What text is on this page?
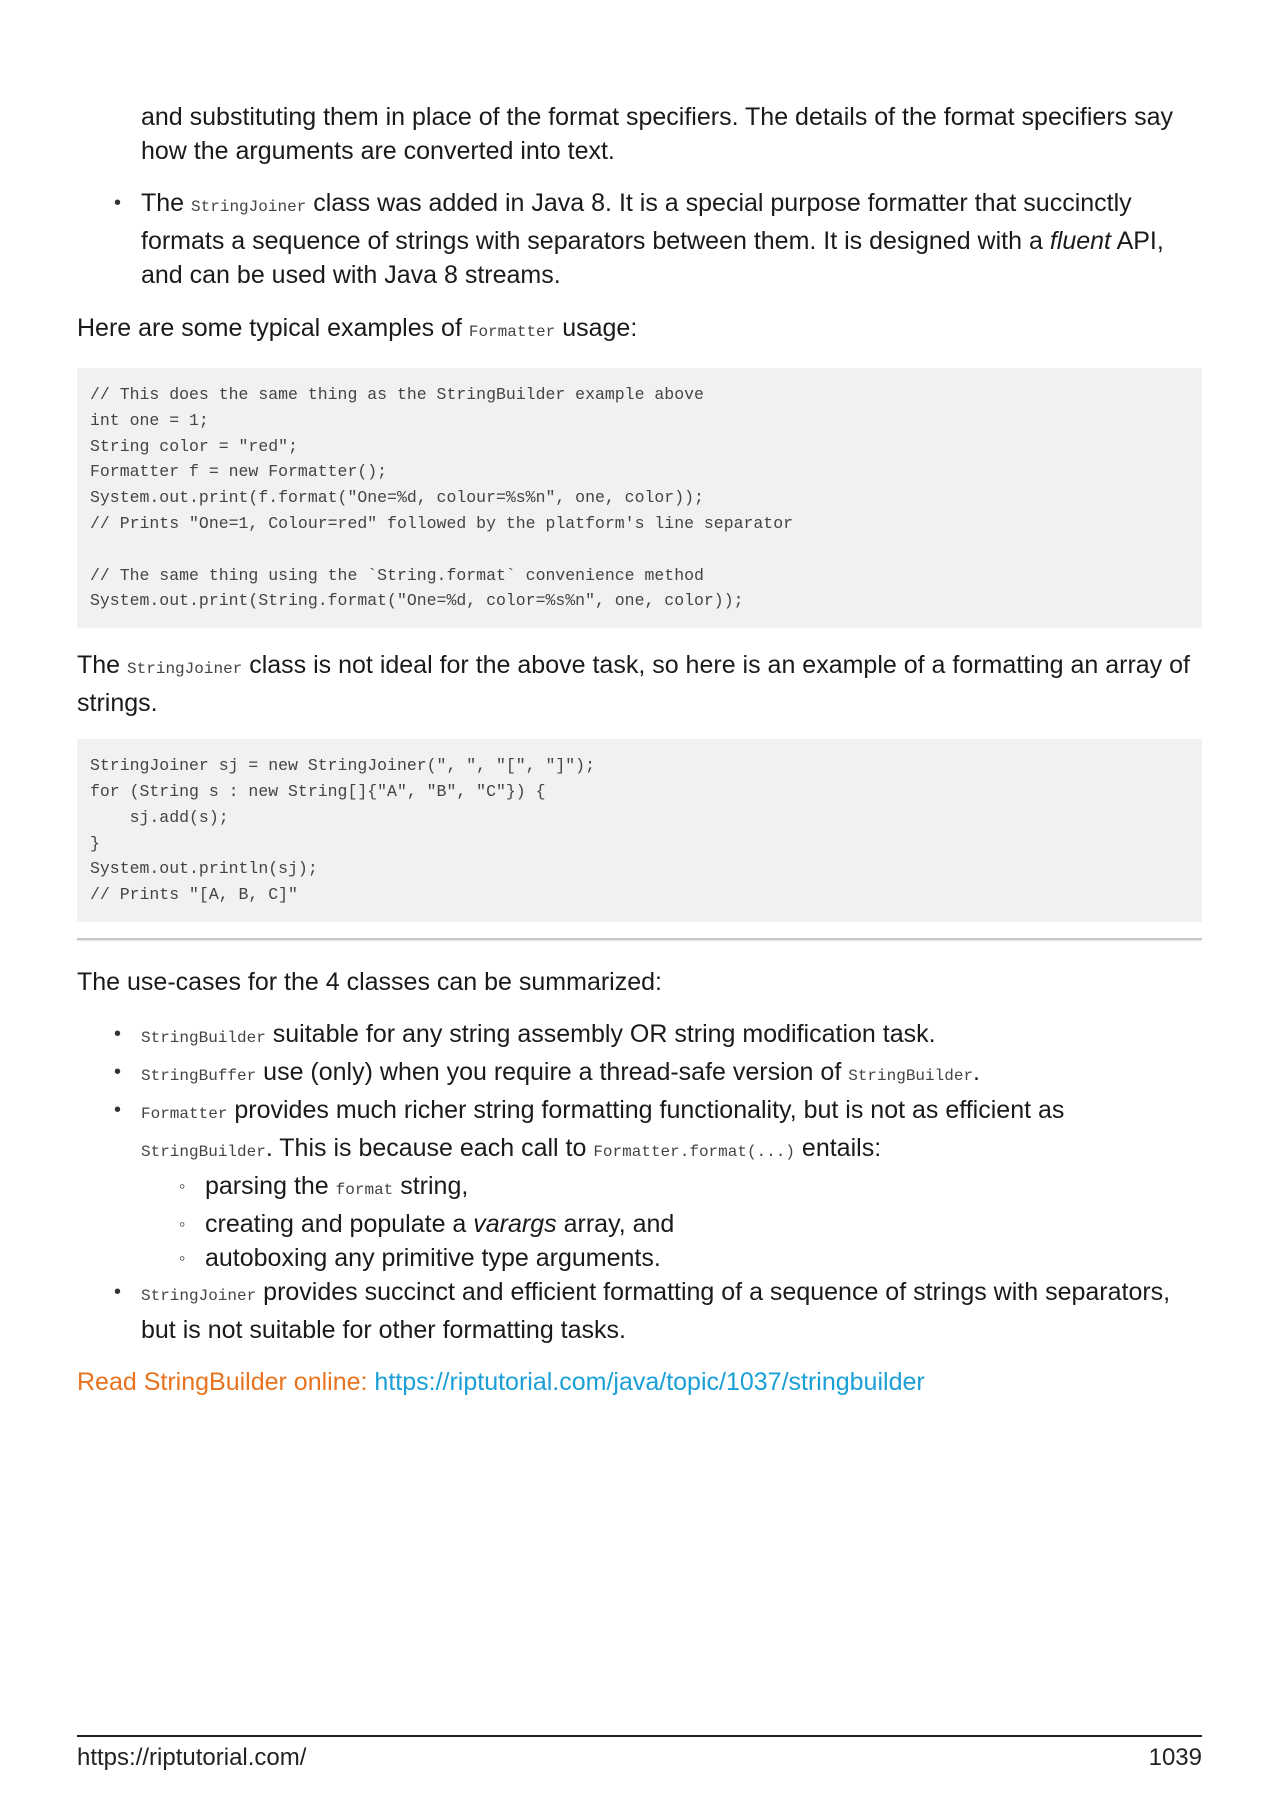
and substituting them in place of the format specifiers. The details of the format specifiers say how the arguments are converted into text.

• The StringJoiner class was added in Java 8. It is a special purpose formatter that succinctly formats a sequence of strings with separators between them. It is designed with a fluent API, and can be used with Java 8 streams.

Here are some typical examples of Formatter usage:

// This does the same thing as the StringBuilder example above
int one = 1;
String color = "red";
Formatter f = new Formatter();
System.out.print(f.format("One=%d, colour=%s%n", one, color));
// Prints "One=1, Colour=red" followed by the platform's line separator

// The same thing using the `String.format` convenience method
System.out.print(String.format("One=%d, color=%s%n", one, color));

The StringJoiner class is not ideal for the above task, so here is an example of a formatting an array of strings.

StringJoiner sj = new StringJoiner(", ", "[", "]");
for (String s : new String[]{"A", "B", "C"}) {
sj.add(s);
}
System.out.println(sj);
// Prints "[A, B, C]"

The use-cases for the 4 classes can be summarized:

• StringBuilder suitable for any string assembly OR string modification task.
• StringBuffer use (only) when you require a thread-safe version of StringBuilder.
• Formatter provides much richer string formatting functionality, but is not as efficient as StringBuilder. This is because each call to Formatter.format(...) entails:
◦ parsing the format string,
◦ creating and populate a varargs array, and
◦ autoboxing any primitive type arguments.
• StringJoiner provides succinct and efficient formatting of a sequence of strings with separators, but is not suitable for other formatting tasks.

Read StringBuilder online: https://riptutorial.com/java/topic/1037/stringbuilder

https://riptutorial.com/	1039
